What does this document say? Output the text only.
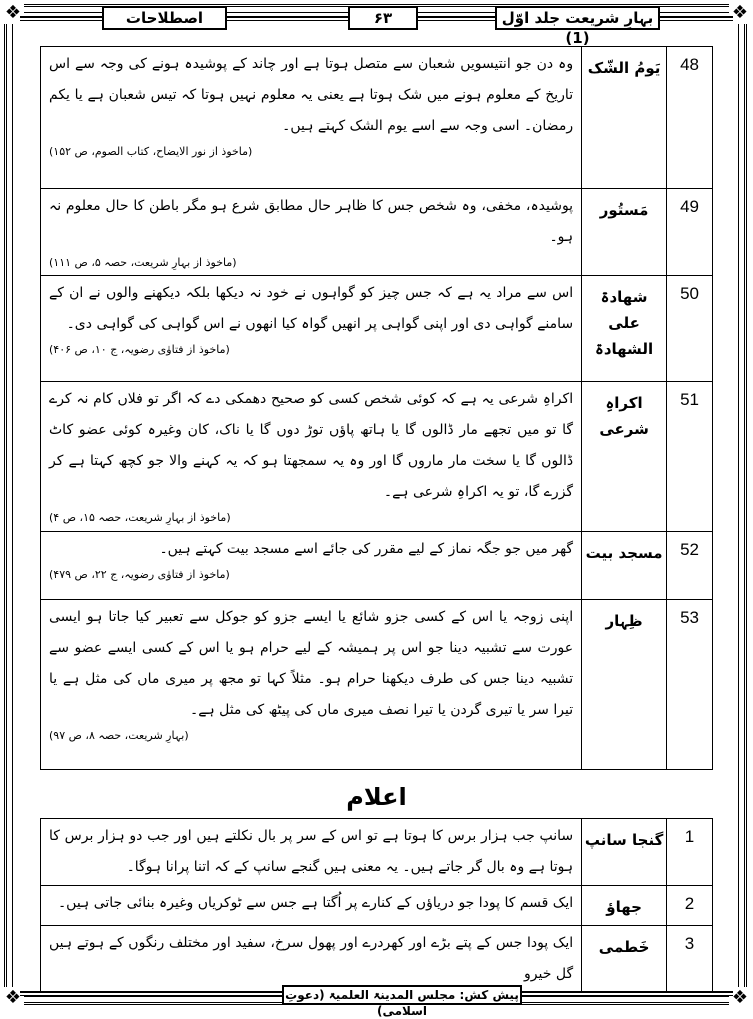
❖	❖
❖	❖
اصطلاحات	۶۳	بہارِ شریعت جلد اوّل (1)
48	یَومُ الشّک	وہ دن جو انتیسویں شعبان سے متصل ہوتا ہے اور چاند کے پوشیدہ ہونے کی وجہ سے اس تاریخ کے معلوم ہونے میں شک ہوتا ہے یعنی یہ معلوم نہیں ہوتا کہ تیس شعبان ہے یا یکم رمضان۔ اسی وجہ سے اسے یوم الشک کہتے ہیں۔
(ماخوذ از نور الایضاح، کتاب الصوم، ص ۱۵۲)

49	مَستُور	پوشیدہ، مخفی، وہ شخص جس کا ظاہر حال مطابق شرع ہو مگر باطن کا حال معلوم نہ ہو۔
(ماخوذ از بہارِ شریعت، حصہ ۵، ص ۱۱۱)

50	شھادۃ علی الشھادۃ	اس سے مراد یہ ہے کہ جس چیز کو گواہوں نے خود نہ دیکھا بلکہ دیکھنے والوں نے ان کے سامنے گواہی دی اور اپنی گواہی پر انھیں گواہ کیا انھوں نے اس گواہی کی گواہی دی۔
(ماخوذ از فتاوٰی رضویہ، ج ۱۰، ص ۴۰۶)

51	اکراہِ شرعی	اکراہِ شرعی یہ ہے کہ کوئی شخص کسی کو صحیح دھمکی دے کہ اگر تو فلاں کام نہ کرے گا تو میں تجھے مار ڈالوں گا یا ہاتھ پاؤں توڑ دوں گا یا ناک، کان وغیرہ کوئی عضو کاٹ ڈالوں گا یا سخت مار ماروں گا اور وہ یہ سمجھتا ہو کہ یہ کہنے والا جو کچھ کہتا ہے کر گزرے گا، تو یہ اکراہِ شرعی ہے۔
(ماخوذ از بہارِ شریعت، حصہ ۱۵، ص ۴)

52	مسجد بیت	گھر میں جو جگہ نماز کے لیے مقرر کی جائے اسے مسجد بیت کہتے ہیں۔
(ماخوذ از فتاوٰی رضویہ، ج ۲۲، ص ۴۷۹)

53	ظِہار	اپنی زوجہ یا اس کے کسی جزو شائع یا ایسے جزو کو جوکل سے تعبیر کیا جاتا ہو ایسی عورت سے تشبیہ دینا جو اس پر ہمیشہ کے لیے حرام ہو یا اس کے کسی ایسے عضو سے تشبیہ دینا جس کی طرف دیکھنا حرام ہو۔ مثلاً کہا تو مجھ پر میری ماں کی مثل ہے یا تیرا سر یا تیری گردن یا تیرا نصف میری ماں کی پیٹھ کی مثل ہے۔
(بہارِ شریعت، حصہ ۸، ص ۹۷)
اعلام
1	گنجا سانپ	سانپ جب ہزار برس کا ہوتا ہے تو اس کے سر پر بال نکلتے ہیں اور جب دو ہزار برس کا ہوتا ہے وہ بال گر جاتے ہیں۔ یہ معنی ہیں گنجے سانپ کے کہ اتنا پرانا ہوگا۔
2	جھاؤ	ایک قسم کا پودا جو دریاؤں کے کنارے پر اُگتا ہے جس سے ٹوکریاں وغیرہ بنائی جاتی ہیں۔
3	خَطمی	ایک پودا جس کے پتے بڑے اور کھردرے اور پھول سرخ، سفید اور مختلف رنگوں کے ہوتے ہیں گل خیرو
پیش کش: مجلس المدینۃ العلمیۃ (دعوتِ اسلامی)
